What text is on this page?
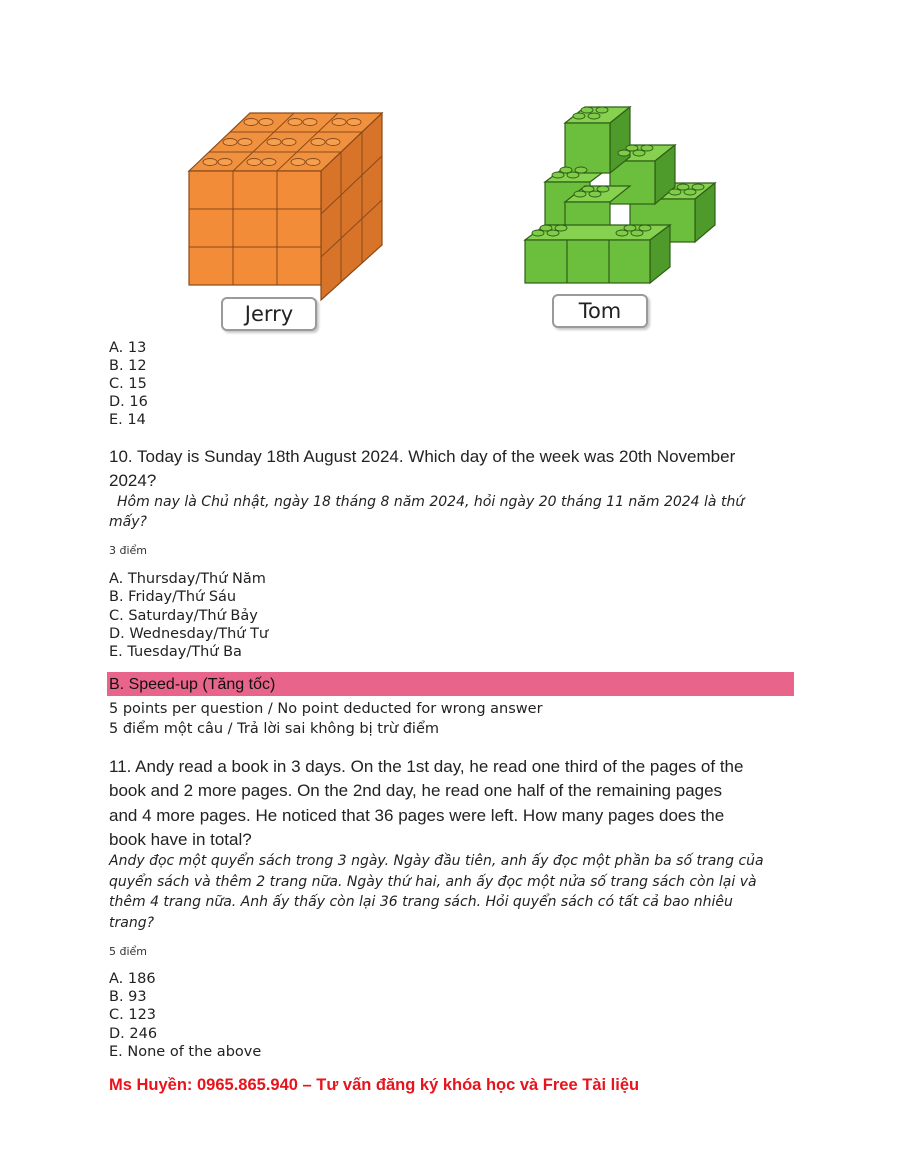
Jerry	Tom
A. 13
B. 12
C. 15
D. 16
E. 14
10. Today is Sunday 18th August 2024. Which day of the week was 20th November
2024?
Hôm nay là Chủ nhật, ngày 18 tháng 8 năm 2024, hỏi ngày 20 tháng 11 năm 2024 là thứ
mấy?
3 điểm
A. Thursday/Thứ Năm
B. Friday/Thứ Sáu
C. Saturday/Thứ Bảy
D. Wednesday/Thứ Tư
E. Tuesday/Thứ Ba
B. Speed-up (Tăng tốc)
5 points per question / No point deducted for wrong answer
5 điểm một câu / Trả lời sai không bị trừ điểm
11. Andy read a book in 3 days. On the 1st day, he read one third of the pages of the
book and 2 more pages. On the 2nd day, he read one half of the remaining pages
and 4 more pages. He noticed that 36 pages were left. How many pages does the
book have in total?
Andy đọc một quyển sách trong 3 ngày. Ngày đầu tiên, anh ấy đọc một phần ba số trang của
quyển sách và thêm 2 trang nữa. Ngày thứ hai, anh ấy đọc một nửa số trang sách còn lại và
thêm 4 trang nữa. Anh ấy thấy còn lại 36 trang sách. Hỏi quyển sách có tất cả bao nhiêu
trang?
5 điểm
A. 186
B. 93
C. 123
D. 246
E. None of the above
Ms Huyền: 0965.865.940 – Tư vấn đăng ký khóa học và Free Tài liệu
